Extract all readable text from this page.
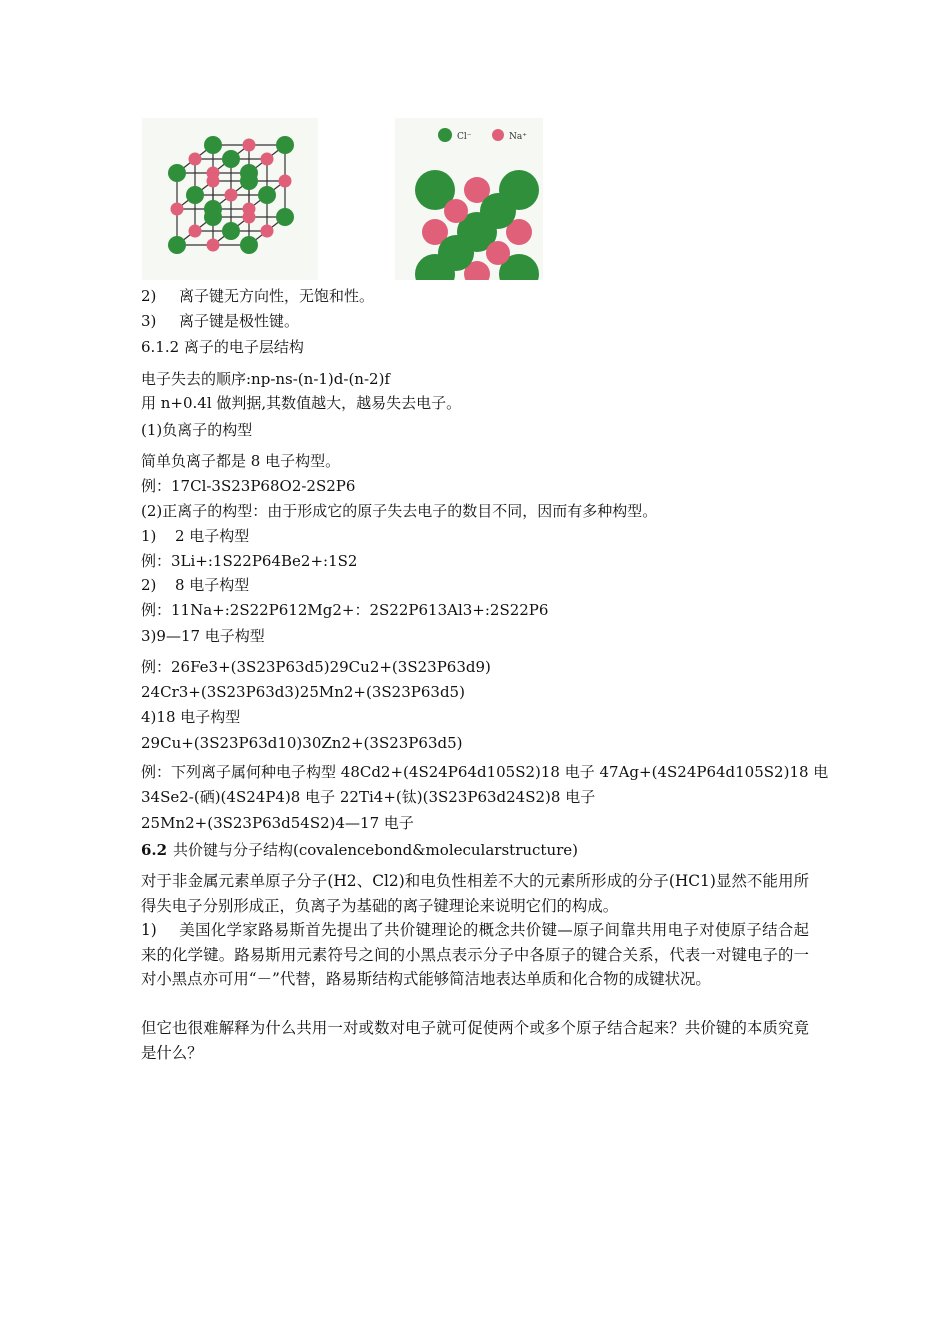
Cl⁻	Na⁺
2) 离子键无方向性，无饱和性。
3) 离子键是极性键。
6.1.2 离子的电子层结构
电子失去的顺序:np-ns-(n-1)d-(n-2)f
用 n+0.4l 做判据,其数值越大，越易失去电子。
(1)负离子的构型
简单负离子都是 8 电子构型。
例：17Cl-3S23P68O2-2S2P6
(2)正离子的构型：由于形成它的原子失去电子的数目不同，因而有多种构型。
1) 2 电子构型
例：3Li+:1S22P64Be2+:1S2
2) 8 电子构型
例：11Na+:2S22P612Mg2+：2S22P613Al3+:2S22P6
3)9—17 电子构型
例：26Fe3+(3S23P63d5)29Cu2+(3S23P63d9)
24Cr3+(3S23P63d3)25Mn2+(3S23P63d5)
4)18 电子构型
29Cu+(3S23P63d10)30Zn2+(3S23P63d5)
例：下列离子属何种电子构型 48Cd2+(4S24P64d105S2)18 电子 47Ag+(4S24P64d105S2)18 电
34Se2-(硒)(4S24P4)8 电子 22Ti4+(钛)(3S23P63d24S2)8 电子
25Mn2+(3S23P63d54S2)4—17 电子
6.2 共价键与分子结构(covalencebond&molecularstructure)
对于非金属元素单原子分子(H2、Cl2)和电负性相差不大的元素所形成的分子(HC1)显然不能用所得失电子分别形成正，负离子为基础的离子键理论来说明它们的构成。
1) 美国化学家路易斯首先提出了共价键理论的概念共价键—原子间靠共用电子对使原子结合起来的化学键。路易斯用元素符号之间的小黑点表示分子中各原子的键合关系，代表一对键电子的一对小黑点亦可用“－”代替，路易斯结构式能够简洁地表达单质和化合物的成键状况。
但它也很难解释为什么共用一对或数对电子就可促使两个或多个原子结合起来？共价键的本质究竟是什么？
